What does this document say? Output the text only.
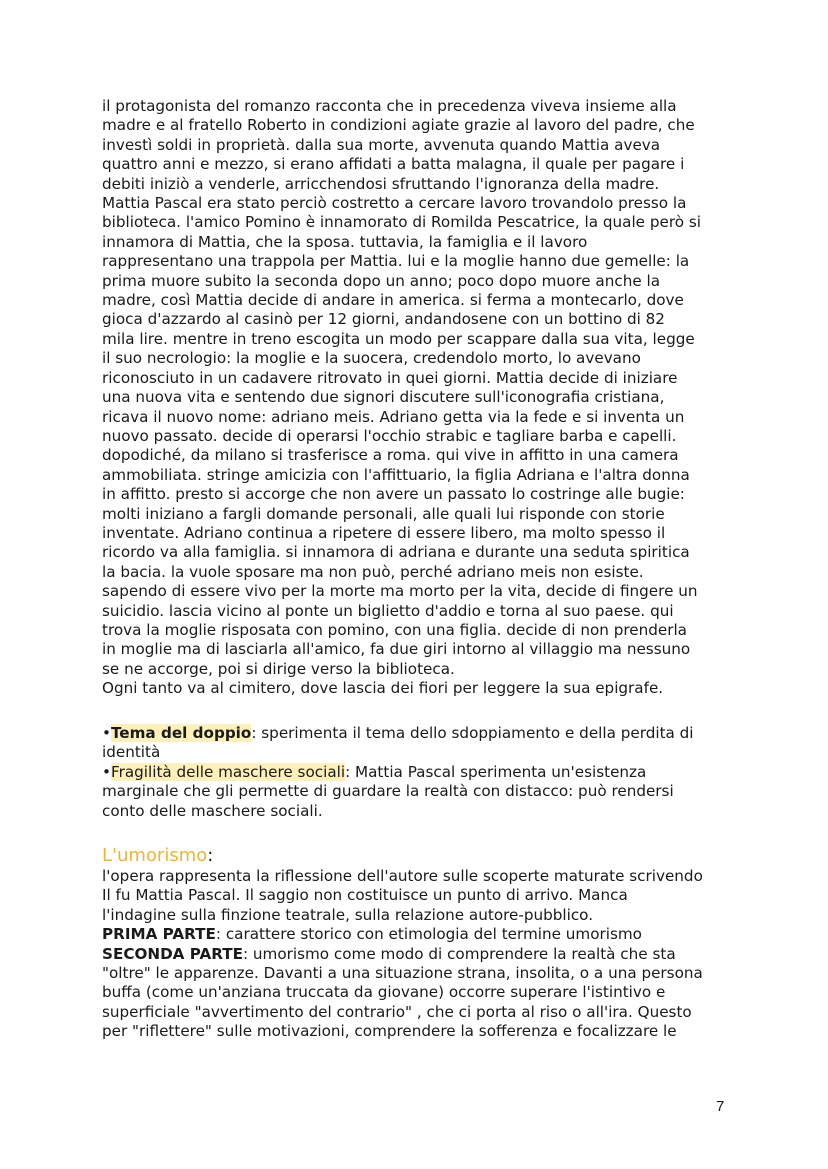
il protagonista del romanzo racconta che in precedenza viveva insieme alla
madre e al fratello Roberto in condizioni agiate grazie al lavoro del padre, che
investì soldi in proprietà. dalla sua morte, avvenuta quando Mattia aveva
quattro anni e mezzo, si erano affidati a batta malagna, il quale per pagare i
debiti iniziò a venderle, arricchendosi sfruttando l'ignoranza della madre.
Mattia Pascal era stato perciò costretto a cercare lavoro trovandolo presso la
biblioteca. l'amico Pomino è innamorato di Romilda Pescatrice, la quale però si
innamora di Mattia, che la sposa. tuttavia, la famiglia e il lavoro
rappresentano una trappola per Mattia. lui e la moglie hanno due gemelle: la
prima muore subito la seconda dopo un anno; poco dopo muore anche la
madre, così Mattia decide di andare in america. si ferma a montecarlo, dove
gioca d'azzardo al casinò per 12 giorni, andandosene con un bottino di 82
mila lire. mentre in treno escogita un modo per scappare dalla sua vita, legge
il suo necrologio: la moglie e la suocera, credendolo morto, lo avevano
riconosciuto in un cadavere ritrovato in quei giorni. Mattia decide di iniziare
una nuova vita e sentendo due signori discutere sull'iconografia cristiana,
ricava il nuovo nome: adriano meis. Adriano getta via la fede e si inventa un
nuovo passato. decide di operarsi l'occhio strabic e tagliare barba e capelli.
dopodiché, da milano si trasferisce a roma. qui vive in affitto in una camera
ammobiliata. stringe amicizia con l'affittuario, la figlia Adriana e l'altra donna
in affitto. presto si accorge che non avere un passato lo costringe alle bugie:
molti iniziano a fargli domande personali, alle quali lui risponde con storie
inventate. Adriano continua a ripetere di essere libero, ma molto spesso il
ricordo va alla famiglia. si innamora di adriana e durante una seduta spiritica
la bacia. la vuole sposare ma non può, perché adriano meis non esiste.
sapendo di essere vivo per la morte ma morto per la vita, decide di fingere un
suicidio. lascia vicino al ponte un biglietto d'addio e torna al suo paese. qui
trova la moglie risposata con pomino, con una figlia. decide di non prenderla
in moglie ma di lasciarla all'amico, fa due giri intorno al villaggio ma nessuno
se ne accorge, poi si dirige verso la biblioteca.
Ogni tanto va al cimitero, dove lascia dei fiori per leggere la sua epigrafe.
•Tema del doppio: sperimenta il tema dello sdoppiamento e della perdita di
identità
•Fragilità delle maschere sociali: Mattia Pascal sperimenta un'esistenza
marginale che gli permette di guardare la realtà con distacco: può rendersi
conto delle maschere sociali.
L'umorismo:
l'opera rappresenta la riflessione dell'autore sulle scoperte maturate scrivendo
Il fu Mattia Pascal. Il saggio non costituisce un punto di arrivo. Manca
l'indagine sulla finzione teatrale, sulla relazione autore-pubblico.
PRIMA PARTE: carattere storico con etimologia del termine umorismo
SECONDA PARTE: umorismo come modo di comprendere la realtà che sta
"oltre" le apparenze. Davanti a una situazione strana, insolita, o a una persona
buffa (come un'anziana truccata da giovane) occorre superare l'istintivo e
superficiale "avvertimento del contrario" , che ci porta al riso o all'ira. Questo
per "riflettere" sulle motivazioni, comprendere la sofferenza e focalizzare le
7
